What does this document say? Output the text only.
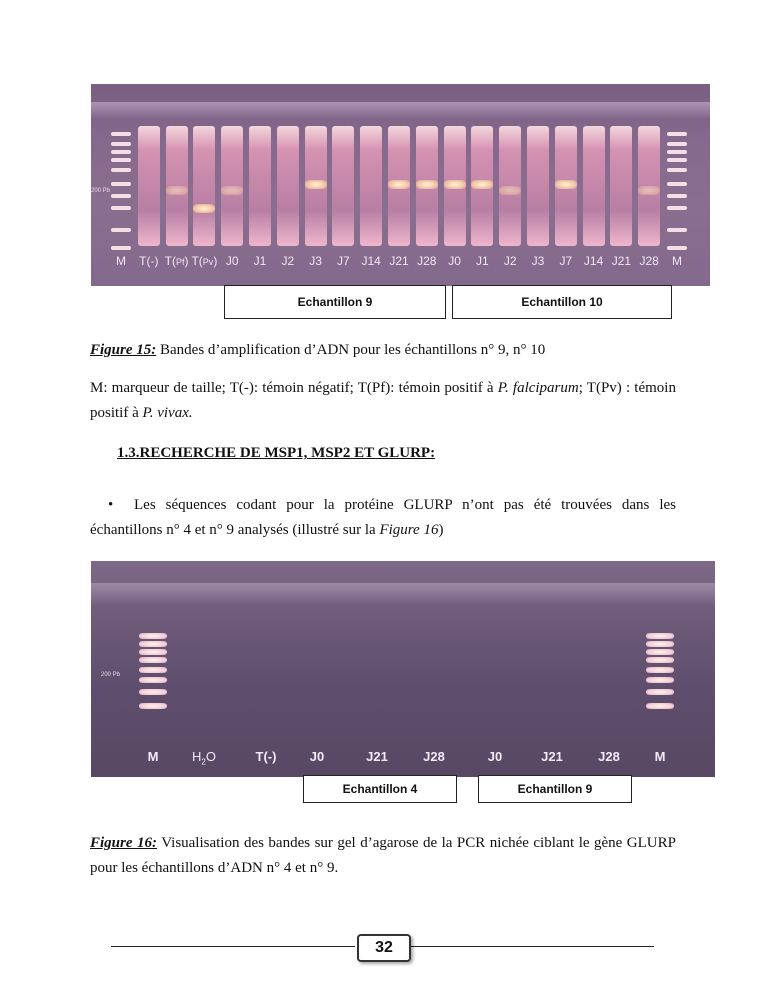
200 Pb
M T(-) T(Pf) T(Pv) J0 J1 J2 J3 J7 J14 J21 J28 J0 J1 J2 J3 J7 J14 J21 J28 M
Echantillon 9	Echantillon 10
Figure 15: Bandes d’amplification d’ADN pour les échantillons n° 9, n° 10
M: marqueur de taille; T(-): témoin négatif; T(Pf): témoin positif à P. falciparum; T(Pv) : témoin positif à P. vivax.
1.3.RECHERCHE DE MSP1, MSP2 ET GLURP:
• Les séquences codant pour la protéine GLURP n’ont pas été trouvées dans les échantillons n° 4 et n° 9 analysés (illustré sur la Figure 16)
200 Pb
M	$H_2O$	T(-)	J0	J21	J28	J0	J21	J28	M
Echantillon 4	Echantillon 9
Figure 16: Visualisation des bandes sur gel d’agarose de la PCR nichée ciblant le gène GLURP pour les échantillons d’ADN n° 4 et n° 9.
32
